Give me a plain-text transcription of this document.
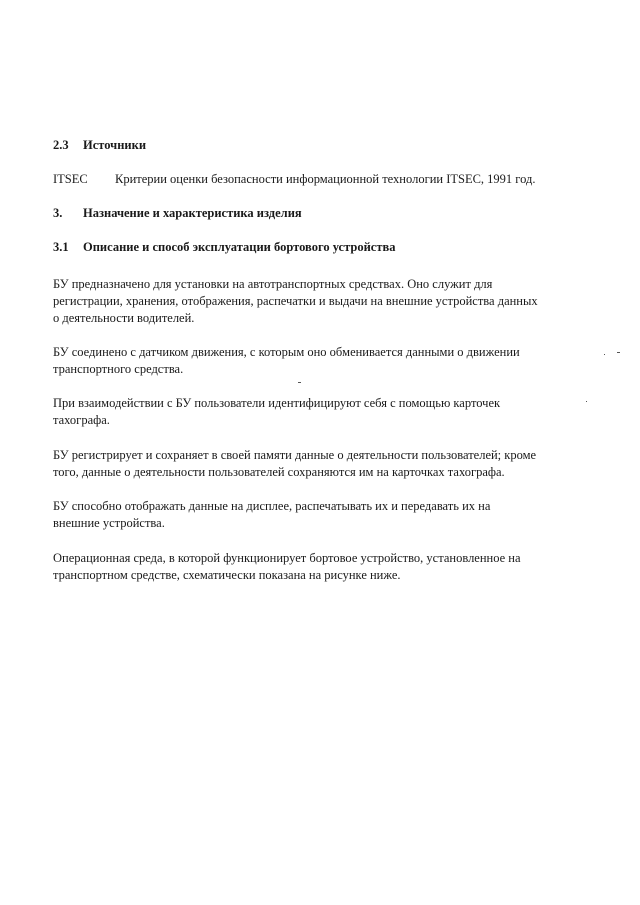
2.3 Источники
ITSEC Критерии оценки безопасности информационной технологии ITSEC, 1991 год.
3. Назначение и характеристика изделия
3.1 Описание и способ эксплуатации бортового устройства
БУ предназначено для установки на автотранспортных средствах. Оно служит для
регистрации, хранения, отображения, распечатки и выдачи на внешние устройства данных
о деятельности водителей.
БУ соединено с датчиком движения, с которым оно обменивается данными о движении
транспортного средства.
При взаимодействии с БУ пользователи идентифицируют себя с помощью карточек
тахографа.
БУ регистрирует и сохраняет в своей памяти данные о деятельности пользователей; кроме
того, данные о деятельности пользователей сохраняются им на карточках тахографа.
БУ способно отображать данные на дисплее, распечатывать их и передавать их на
внешние устройства.
Операционная среда, в которой функционирует бортовое устройство, установленное на
транспортном средстве, схематически показана на рисунке ниже.
